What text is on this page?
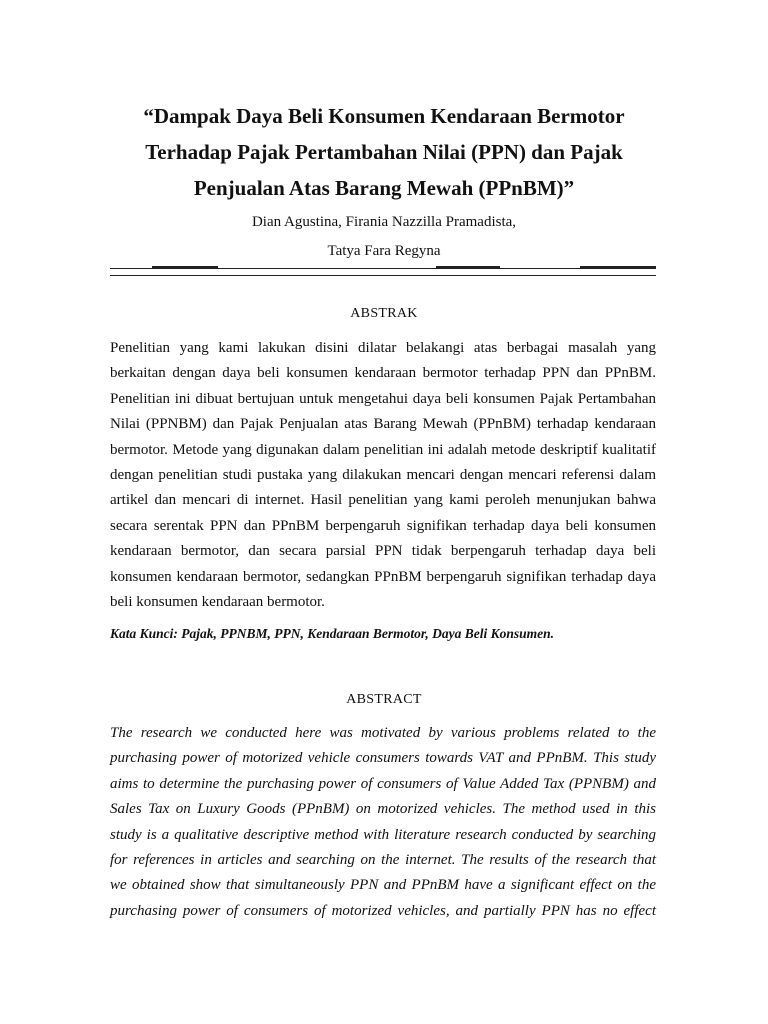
“Dampak Daya Beli Konsumen Kendaraan Bermotor
Terhadap Pajak Pertambahan Nilai (PPN) dan Pajak
Penjualan Atas Barang Mewah (PPnBM)”
Dian Agustina, Firania Nazzilla Pramadista,
Tatya Fara Regyna
ABSTRAK
Penelitian yang kami lakukan disini dilatar belakangi atas berbagai masalah yang
berkaitan dengan daya beli konsumen kendaraan bermotor terhadap PPN dan PPnBM.
Penelitian ini dibuat bertujuan untuk mengetahui daya beli konsumen Pajak Pertambahan
Nilai (PPNBM) dan Pajak Penjualan atas Barang Mewah (PPnBM) terhadap kendaraan
bermotor. Metode yang digunakan dalam penelitian ini adalah metode deskriptif kualitatif
dengan penelitian studi pustaka yang dilakukan mencari dengan mencari referensi dalam
artikel dan mencari di internet. Hasil penelitian yang kami peroleh menunjukan bahwa
secara serentak PPN dan PPnBM berpengaruh signifikan terhadap daya beli konsumen
kendaraan bermotor, dan secara parsial PPN tidak berpengaruh terhadap daya beli
konsumen kendaraan bermotor, sedangkan PPnBM berpengaruh signifikan terhadap daya
beli konsumen kendaraan bermotor.
Kata Kunci: Pajak, PPNBM, PPN, Kendaraan Bermotor, Daya Beli Konsumen.
ABSTRACT
The research we conducted here was motivated by various problems related to the
purchasing power of motorized vehicle consumers towards VAT and PPnBM. This study
aims to determine the purchasing power of consumers of Value Added Tax (PPNBM) and
Sales Tax on Luxury Goods (PPnBM) on motorized vehicles. The method used in this
study is a qualitative descriptive method with literature research conducted by searching
for references in articles and searching on the internet. The results of the research that
we obtained show that simultaneously PPN and PPnBM have a significant effect on the
purchasing power of consumers of motorized vehicles, and partially PPN has no effect
